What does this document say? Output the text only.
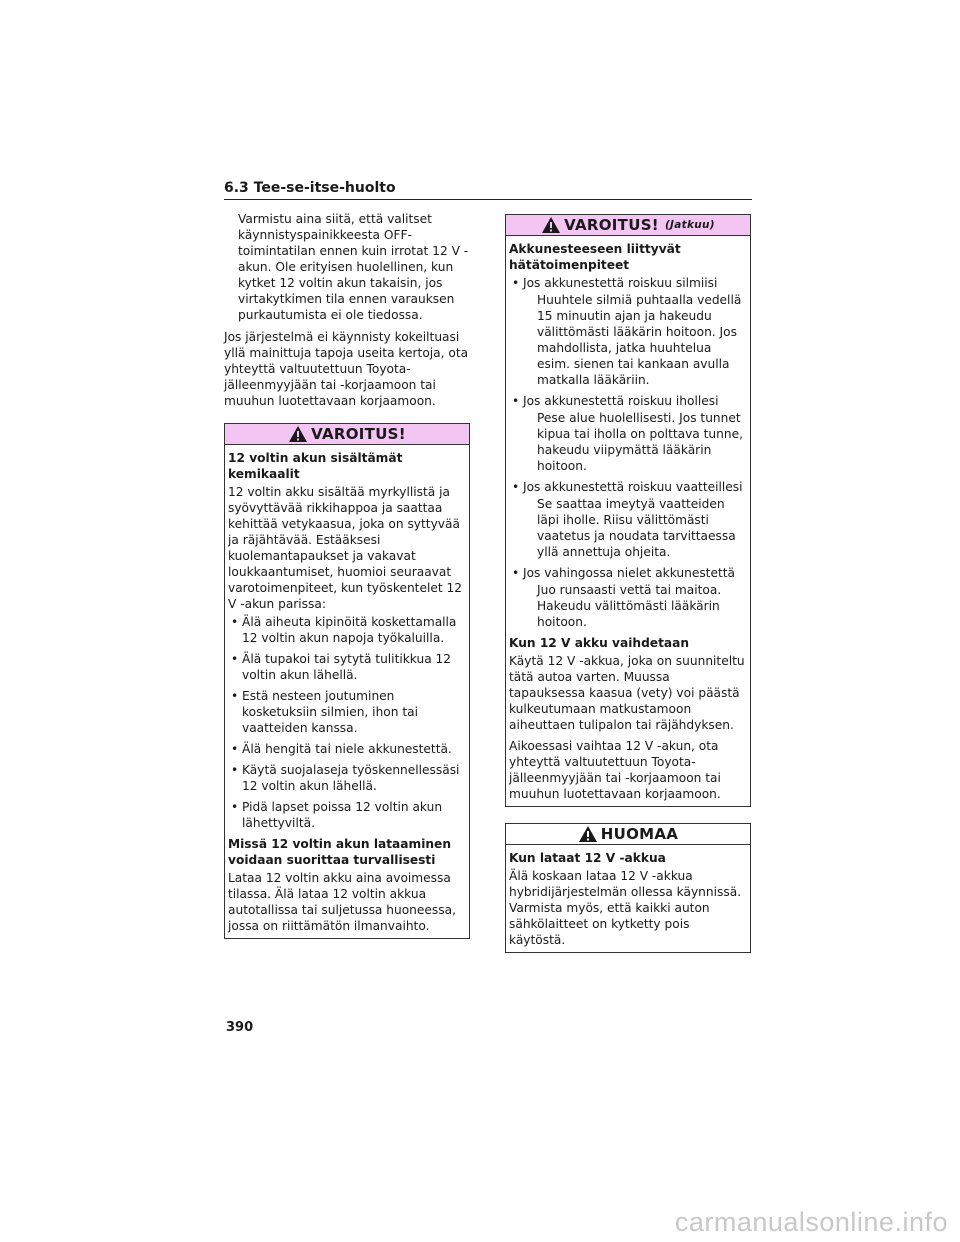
6.3 Tee-se-itse-huolto

Varmistu aina siitä, että valitset käynnistyspainikkeesta OFF-toimintatilan ennen kuin irrotat 12 V -akun. Ole erityisen huolellinen, kun kytket 12 voltin akun takaisin, jos virtakytkimen tila ennen varauksen purkautumista ei ole tiedossa.

Jos järjestelmä ei käynnisty kokeiltuasi yllä mainittuja tapoja useita kertoja, ota yhteyttä valtuutettuun Toyota-jälleenmyyjään tai -korjaamoon tai muuhun luotettavaan korjaamoon.

VAROITUS!
12 voltin akun sisältämät kemikaalit

12 voltin akku sisältää myrkyllistä ja syövyttävää rikkihappoa ja saattaa kehittää vetykaasua, joka on syttyvää ja räjähtävää. Estääksesi kuolemantapaukset ja vakavat loukkaantumiset, huomioi seuraavat varotoimenpiteet, kun työskentelet 12 V -akun parissa:

• Älä aiheuta kipinöitä koskettamalla 12 voltin akun napoja työkaluilla.
• Älä tupakoi tai sytytä tulitikkua 12 voltin akun lähellä.
• Estä nesteen joutuminen kosketuksiin silmien, ihon tai vaatteiden kanssa.
• Älä hengitä tai niele akkunestettä.
• Käytä suojalaseja työskennellessäsi 12 voltin akun lähellä.
• Pidä lapset poissa 12 voltin akun lähettyviltä.
Missä 12 voltin akun lataaminen voidaan suorittaa turvallisesti

Lataa 12 voltin akku aina avoimessa tilassa. Älä lataa 12 voltin akkua autotallissa tai suljetussa huoneessa, jossa on riittämätön ilmanvaihto.

VAROITUS! (Jatkuu)
Akkunesteeseen liittyvät hätätoimenpiteet
• Jos akkunestettä roiskuu silmiisi
Huuhtele silmiä puhtaalla vedellä 15 minuutin ajan ja hakeudu välittömästi lääkärin hoitoon. Jos mahdollista, jatka huuhtelua esim. sienen tai kankaan avulla matkalla lääkäriin.
• Jos akkunestettä roiskuu ihollesi
Pese alue huolellisesti. Jos tunnet kipua tai iholla on polttava tunne, hakeudu viipymättä lääkärin hoitoon.
• Jos akkunestettä roiskuu vaatteillesi
Se saattaa imeytyä vaatteiden läpi iholle. Riisu välittömästi vaatetus ja noudata tarvittaessa yllä annettuja ohjeita.
• Jos vahingossa nielet akkunestettä
Juo runsaasti vettä tai maitoa. Hakeudu välittömästi lääkärin hoitoon.
Kun 12 V akku vaihdetaan

Käytä 12 V -akkua, joka on suunniteltu tätä autoa varten. Muussa tapauksessa kaasua (vety) voi päästä kulkeutumaan matkustamoon aiheuttaen tulipalon tai räjähdyksen.

Aikoessasi vaihtaa 12 V -akun, ota yhteyttä valtuutettuun Toyota-jälleenmyyjään tai -korjaamoon tai muuhun luotettavaan korjaamoon.

HUOMAA
Kun lataat 12 V -akkua

Älä koskaan lataa 12 V -akkua hybridijärjestelmän ollessa käynnissä. Varmista myös, että kaikki auton sähkölaitteet on kytketty pois käytöstä.

390
carmanualsonline.info
